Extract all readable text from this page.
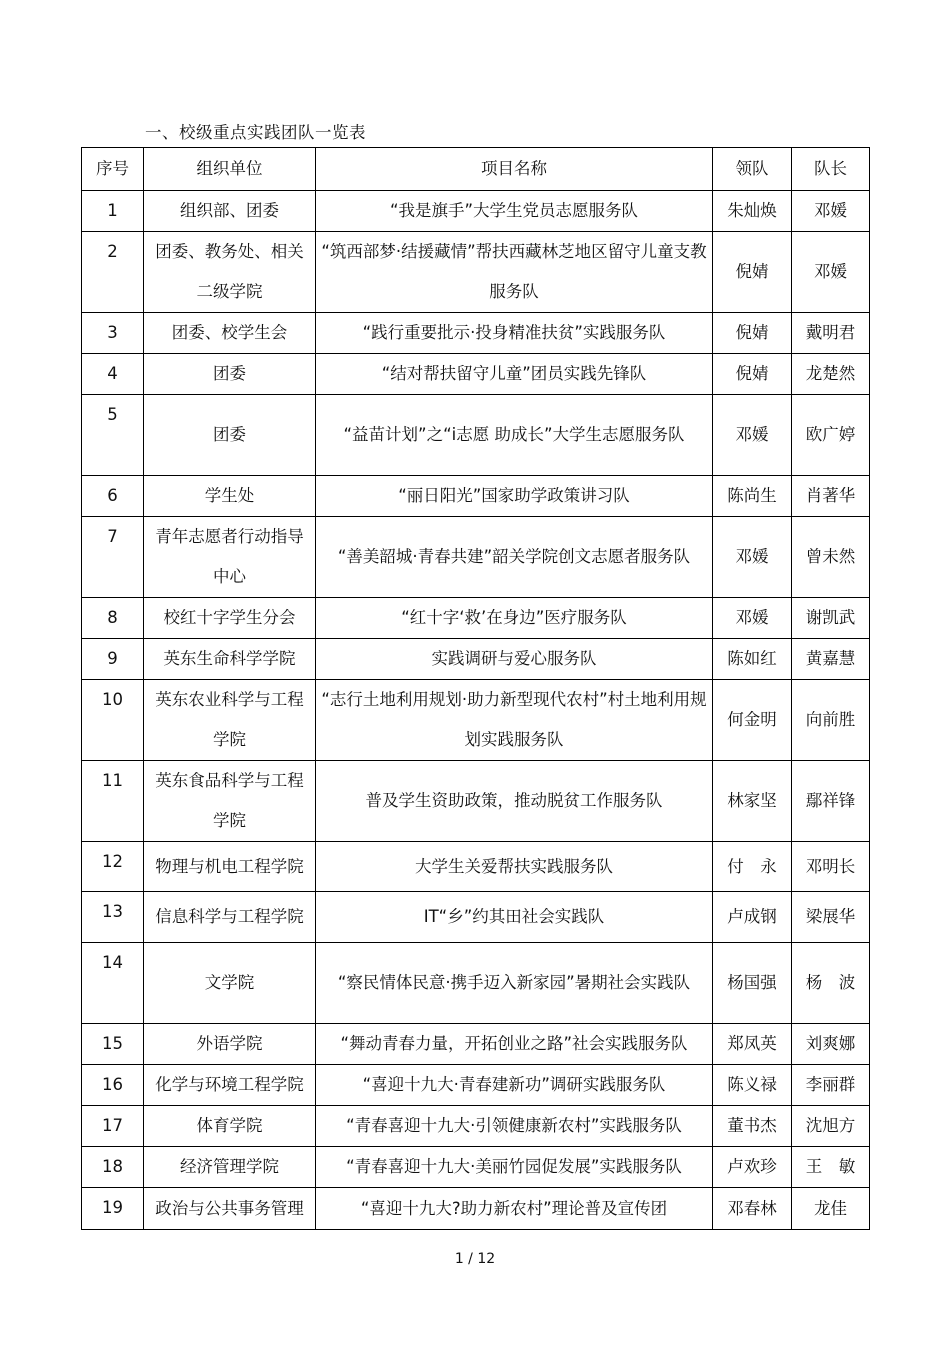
一、校级重点实践团队一览表
序号	组织单位	项目名称	领队	队长
1	组织部、团委	“我是旗手”大学生党员志愿服务队	朱灿焕	邓媛
2	团委、教务处、相关二级学院	“筑西部梦·结援藏情”帮扶西藏林芝地区留守儿童支教服务队	倪婧	邓媛
3	团委、校学生会	“践行重要批示·投身精准扶贫”实践服务队	倪婧	戴明君
4	团委	“结对帮扶留守儿童”团员实践先锋队	倪婧	龙楚然
5	团委	“益苗计划”之“i志愿 助成长”大学生志愿服务队	邓媛	欧广婷
6	学生处	“丽日阳光”国家助学政策讲习队	陈尚生	肖著华
7	青年志愿者行动指导中心	“善美韶城·青春共建”韶关学院创文志愿者服务队	邓媛	曾未然
8	校红十字学生分会	“红十字‘救’在身边”医疗服务队	邓媛	谢凯武
9	英东生命科学学院	实践调研与爱心服务队	陈如红	黄嘉慧
10	英东农业科学与工程学院	“志行土地利用规划·助力新型现代农村”村土地利用规划实践服务队	何金明	向前胜
11	英东食品科学与工程学院	普及学生资助政策，推动脱贫工作服务队	林家坚	鄢祥锋
12	物理与机电工程学院	大学生关爱帮扶实践服务队	付　永	邓明长
13	信息科学与工程学院	IT“乡”约其田社会实践队	卢成钢	梁展华
14	文学院	“察民情体民意·携手迈入新家园”暑期社会实践队	杨国强	杨　波
15	外语学院	“舞动青春力量，开拓创业之路”社会实践服务队	郑凤英	刘爽娜
16	化学与环境工程学院	“喜迎十九大·青春建新功”调研实践服务队	陈义禄	李丽群
17	体育学院	“青春喜迎十九大·引领健康新农村”实践服务队	董书杰	沈旭方
18	经济管理学院	“青春喜迎十九大·美丽竹园促发展”实践服务队	卢欢珍	王　敏
19	政治与公共事务管理	“喜迎十九大?助力新农村”理论普及宣传团	邓春林	龙佳
1 / 12
